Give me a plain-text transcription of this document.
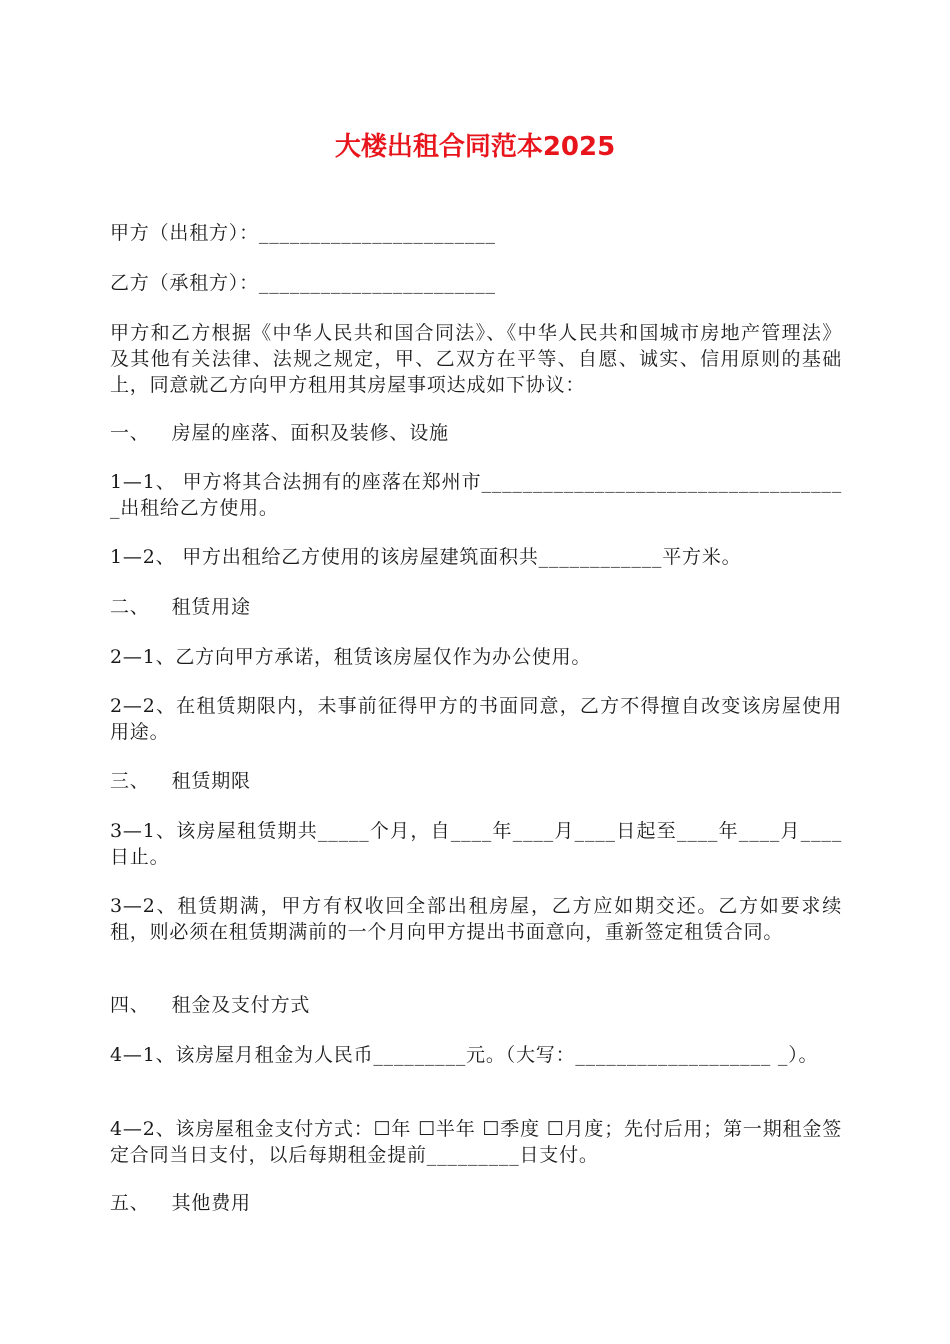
大楼出租合同范本2025
甲方（出租方）：_______________________
乙方（承租方）：_______________________
甲方和乙方根据《中华人民共和国合同法》、《中华人民共和国城市房地产管理法》及其他有关法律、法规之规定，甲、乙双方在平等、自愿、诚实、信用原则的基础上，同意就乙方向甲方租用其房屋事项达成如下协议：
一、 房屋的座落、面积及装修、设施
1—1、 甲方将其合法拥有的座落在郑州市____________________________________出租给乙方使用。
1—2、 甲方出租给乙方使用的该房屋建筑面积共____________平方米。
二、 租赁用途
2—1、乙方向甲方承诺，租赁该房屋仅作为办公使用。
2—2、在租赁期限内，未事前征得甲方的书面同意，乙方不得擅自改变该房屋使用用途。
三、 租赁期限
3—1、该房屋租赁期共_____个月，自____年____月____日起至____年____月____日止。
3—2、租赁期满，甲方有权收回全部出租房屋，乙方应如期交还。乙方如要求续租，则必须在租赁期满前的一个月向甲方提出书面意向，重新签定租赁合同。
四、 租金及支付方式
4—1、该房屋月租金为人民币_________元。（大写：___________________ _）。
4—2、该房屋租金支付方式：☐年 ☐半年 ☐季度 ☐月度；先付后用；第一期租金签定合同当日支付，以后每期租金提前_________日支付。
五、 其他费用
